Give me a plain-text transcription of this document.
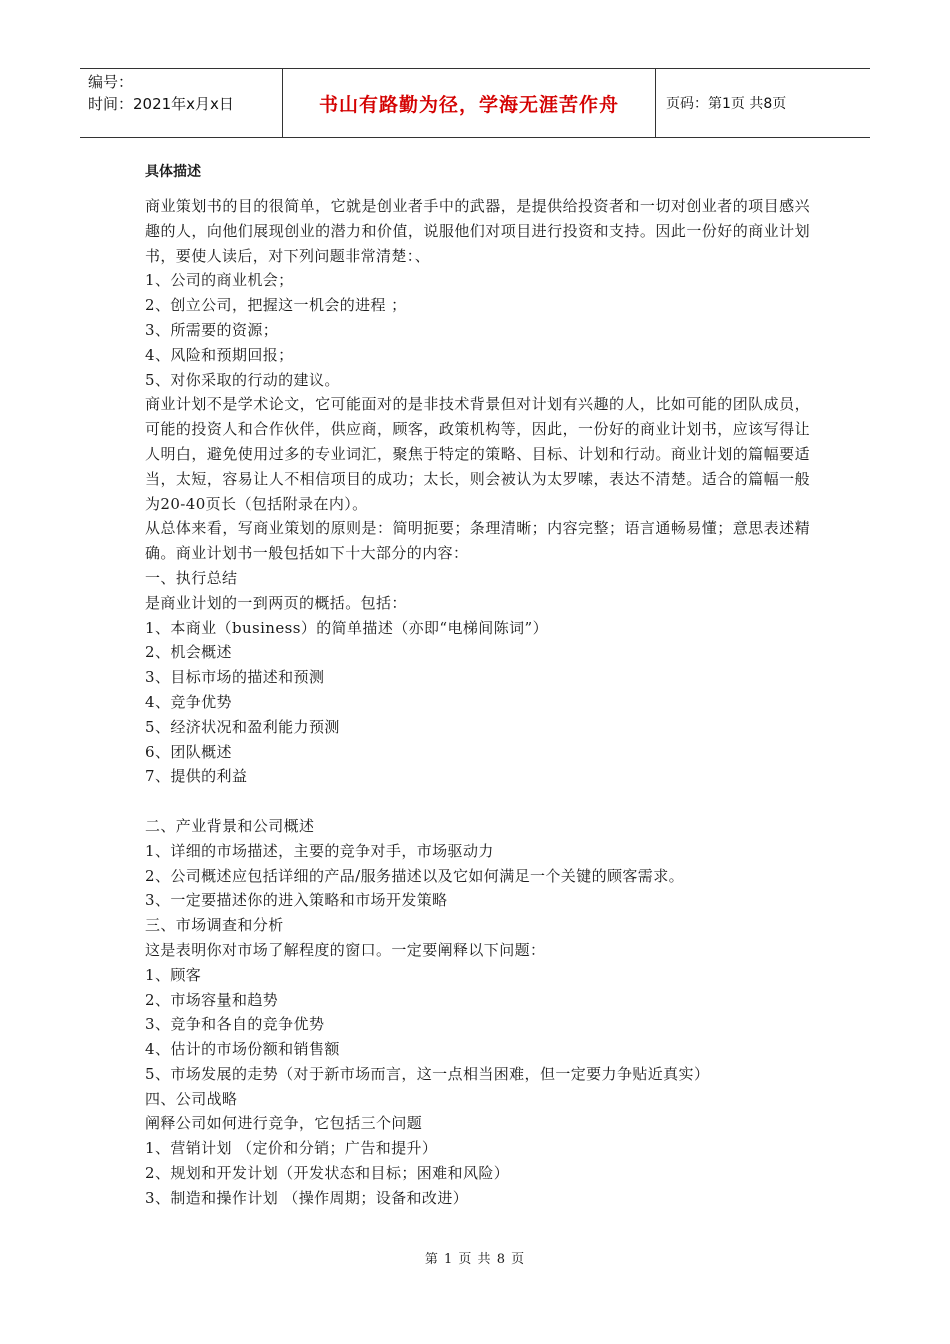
编号：
时间：2021年x月x日	书山有路勤为径，学海无涯苦作舟	页码：第1页 共8页
具体描述

商业策划书的目的很简单，它就是创业者手中的武器，是提供给投资者和一切对创业者的项目感兴趣的人，向他们展现创业的潜力和价值，说服他们对项目进行投资和支持。因此一份好的商业计划书，要使人读后，对下列问题非常清楚：、

1、公司的商业机会；

2、创立公司，把握这一机会的进程 ；

3、所需要的资源；

4、风险和预期回报；

5、对你采取的行动的建议。

商业计划不是学术论文，它可能面对的是非技术背景但对计划有兴趣的人，比如可能的团队成员，可能的投资人和合作伙伴，供应商，顾客，政策机构等，因此，一份好的商业计划书，应该写得让人明白，避免使用过多的专业词汇，聚焦于特定的策略、目标、计划和行动。商业计划的篇幅要适当，太短，容易让人不相信项目的成功；太长，则会被认为太罗嗦，表达不清楚。适合的篇幅一般为20-40页长（包括附录在内）。

从总体来看，写商业策划的原则是：简明扼要；条理清晰；内容完整；语言通畅易懂；意思表述精确。商业计划书一般包括如下十大部分的内容：

一、执行总结

是商业计划的一到两页的概括。包括：

1、本商业（business）的简单描述（亦即“电梯间陈词”）

2、机会概述

3、目标市场的描述和预测

4、竞争优势

5、经济状况和盈利能力预测

6、团队概述

7、提供的利益

二、产业背景和公司概述

1、详细的市场描述，主要的竞争对手，市场驱动力

2、公司概述应包括详细的产品/服务描述以及它如何满足一个关键的顾客需求。

3、一定要描述你的进入策略和市场开发策略

三、市场调查和分析

这是表明你对市场了解程度的窗口。一定要阐释以下问题：

1、顾客

2、市场容量和趋势

3、竞争和各自的竞争优势

4、估计的市场份额和销售额

5、市场发展的走势（对于新市场而言，这一点相当困难，但一定要力争贴近真实）

四、公司战略

阐释公司如何进行竞争，它包括三个问题

1、营销计划 （定价和分销；广告和提升）

2、规划和开发计划（开发状态和目标；困难和风险）

3、制造和操作计划 （操作周期；设备和改进）

第 1 页 共 8 页
